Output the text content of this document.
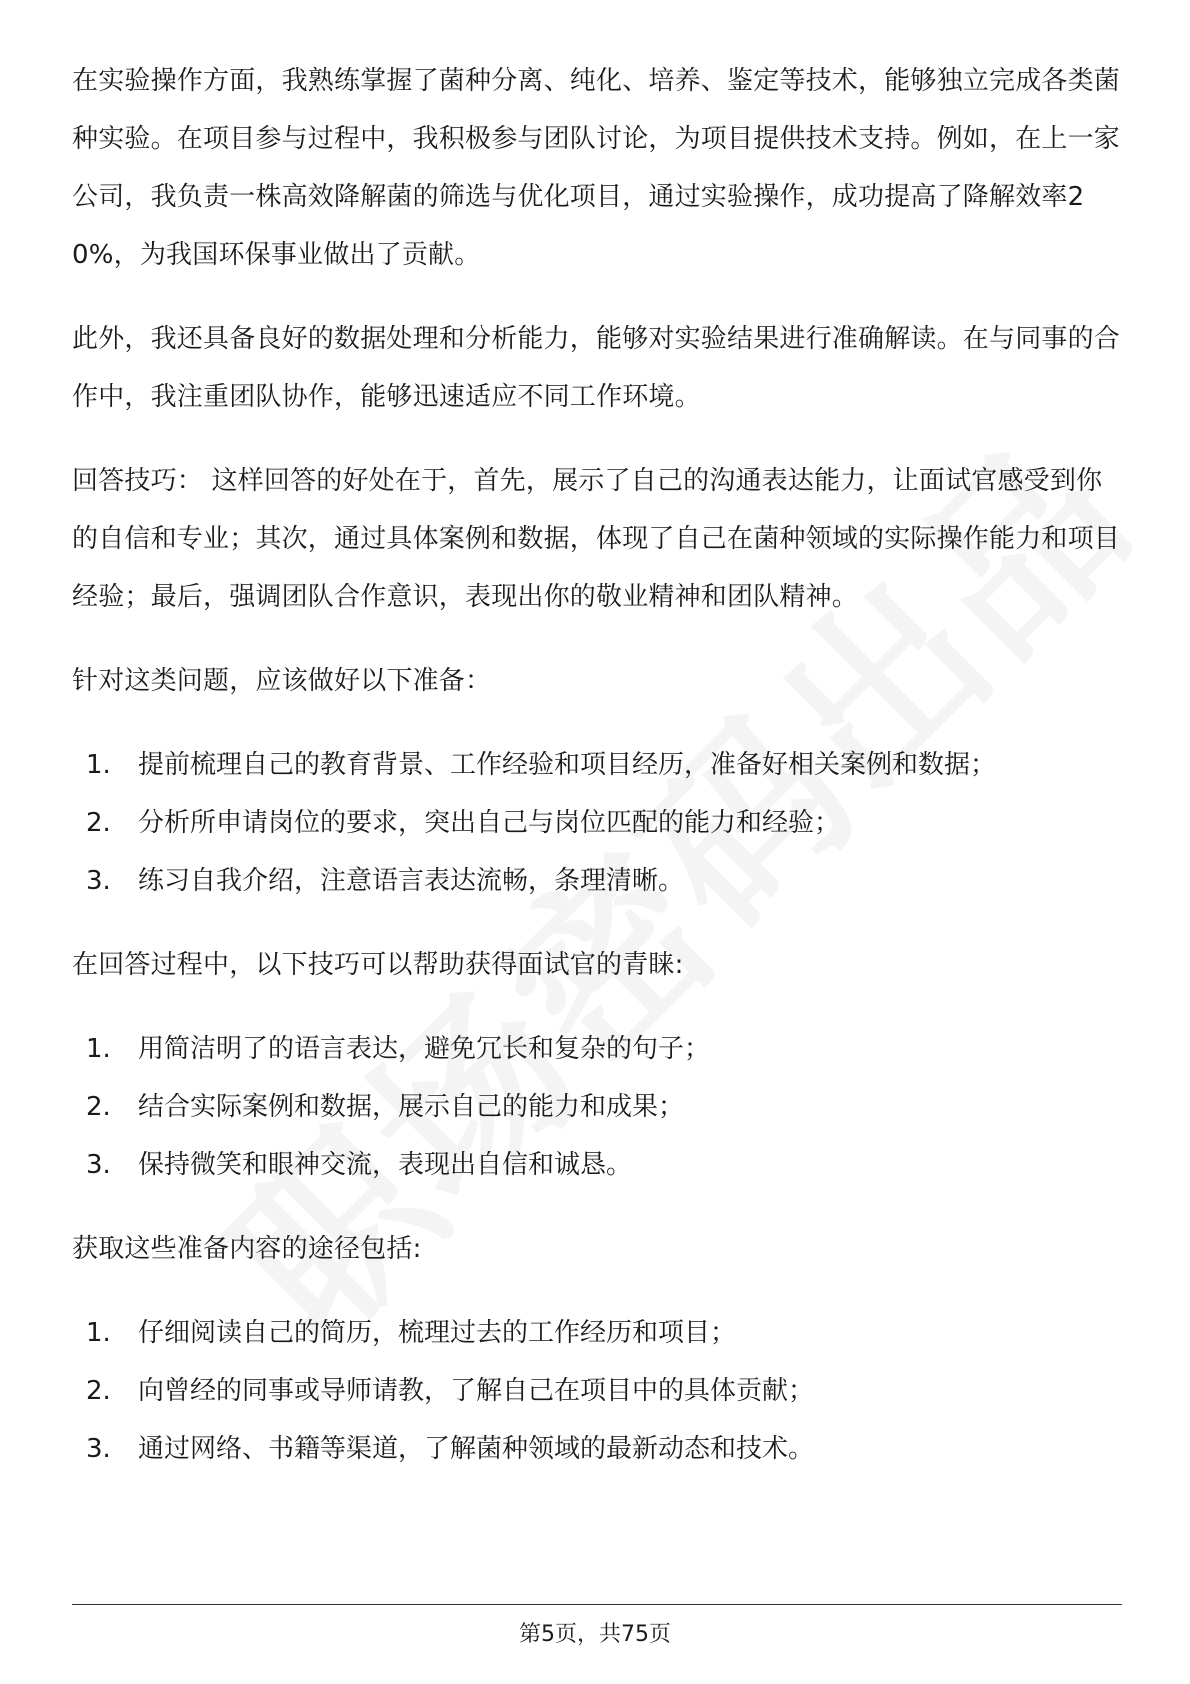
在实验操作方面，我熟练掌握了菌种分离、纯化、培养、鉴定等技术，能够独立完成各类菌种实验。在项目参与过程中，我积极参与团队讨论，为项目提供技术支持。例如，在上一家公司，我负责一株高效降解菌的筛选与优化项目，通过实验操作，成功提高了降解效率20%，为我国环保事业做出了贡献。

此外，我还具备良好的数据处理和分析能力，能够对实验结果进行准确解读。在与同事的合作中，我注重团队协作，能够迅速适应不同工作环境。

回答技巧： 这样回答的好处在于，首先，展示了自己的沟通表达能力，让面试官感受到你的自信和专业；其次，通过具体案例和数据，体现了自己在菌种领域的实际操作能力和项目经验；最后，强调团队合作意识，表现出你的敬业精神和团队精神。

针对这类问题，应该做好以下准备：

1.	提前梳理自己的教育背景、工作经验和项目经历，准备好相关案例和数据；
2.	分析所申请岗位的要求，突出自己与岗位匹配的能力和经验；
3.	练习自我介绍，注意语言表达流畅，条理清晰。

在回答过程中，以下技巧可以帮助获得面试官的青睐:

1.	用简洁明了的语言表达，避免冗长和复杂的句子；
2.	结合实际案例和数据，展示自己的能力和成果；
3.	保持微笑和眼神交流，表现出自信和诚恳。

获取这些准备内容的途径包括:

1.	仔细阅读自己的简历，梳理过去的工作经历和项目；
2.	向曾经的同事或导师请教，了解自己在项目中的具体贡献；
3.	通过网络、书籍等渠道，了解菌种领域的最新动态和技术。
第5页，共75页
